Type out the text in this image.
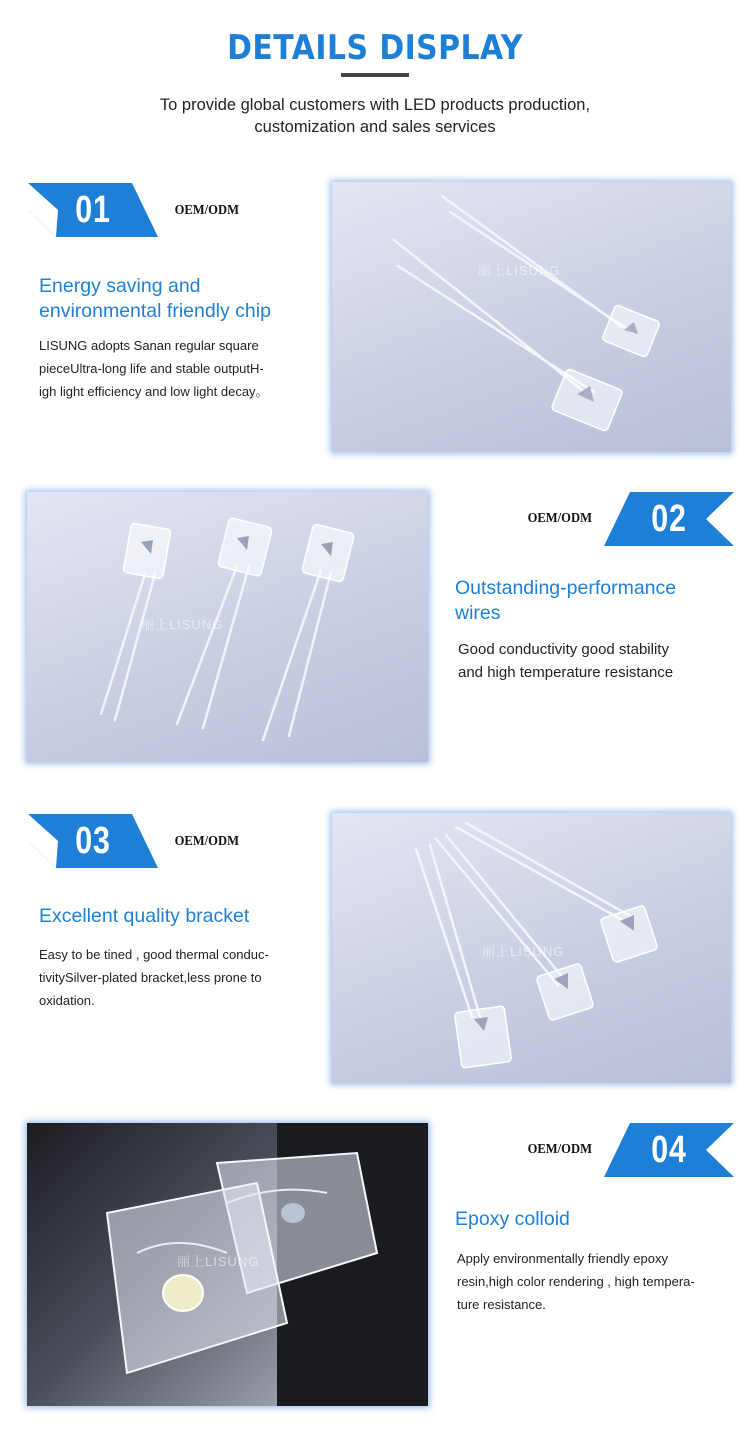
DETAILS DISPLAY
To provide global customers with LED products production,
customization and sales services
01	OEM/ODM
Energy saving and
environmental friendly chip
LISUNG adopts Sanan regular square
pieceUltra-long life and stable outputH-
igh light efficiency and low light decay。
丽上LISUNG
丽上LISUNG
OEM/ODM	02
Outstanding-performance
wires
Good conductivity good stability
and high temperature resistance
03	OEM/ODM
Excellent quality bracket
Easy to be tined , good thermal conduc-
tivitySilver-plated bracket,less prone to
oxidation.
丽上LISUNG
丽上LISUNG
OEM/ODM	04
Epoxy colloid
Apply environmentally friendly epoxy
resin,high color rendering , high tempera-
ture resistance.
